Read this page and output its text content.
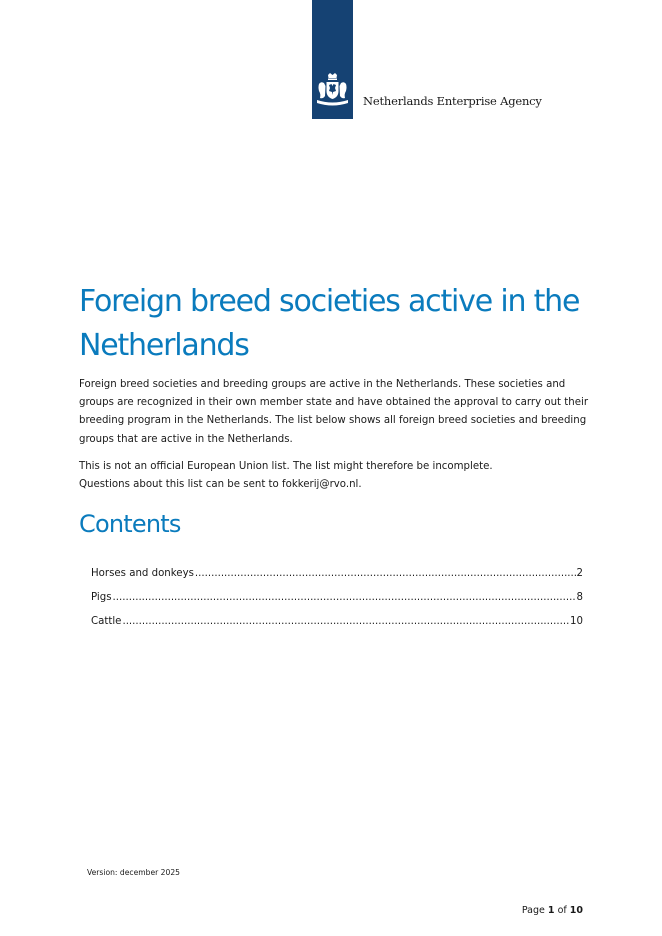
Netherlands Enterprise Agency
Foreign breed societies active in the Netherlands

Foreign breed societies and breeding groups are active in the Netherlands. These societies and groups are recognized in their own member state and have obtained the approval to carry out their breeding program in the Netherlands. The list below shows all foreign breed societies and breeding groups that are active in the Netherlands.

This is not an official European Union list. The list might therefore be incomplete.
Questions about this list can be sent to fokkerij@rvo.nl.

Contents
Horses and donkeys .....	2
Pigs .....	8
Cattle .....	10
Version: december 2025
Page 1 of 10
